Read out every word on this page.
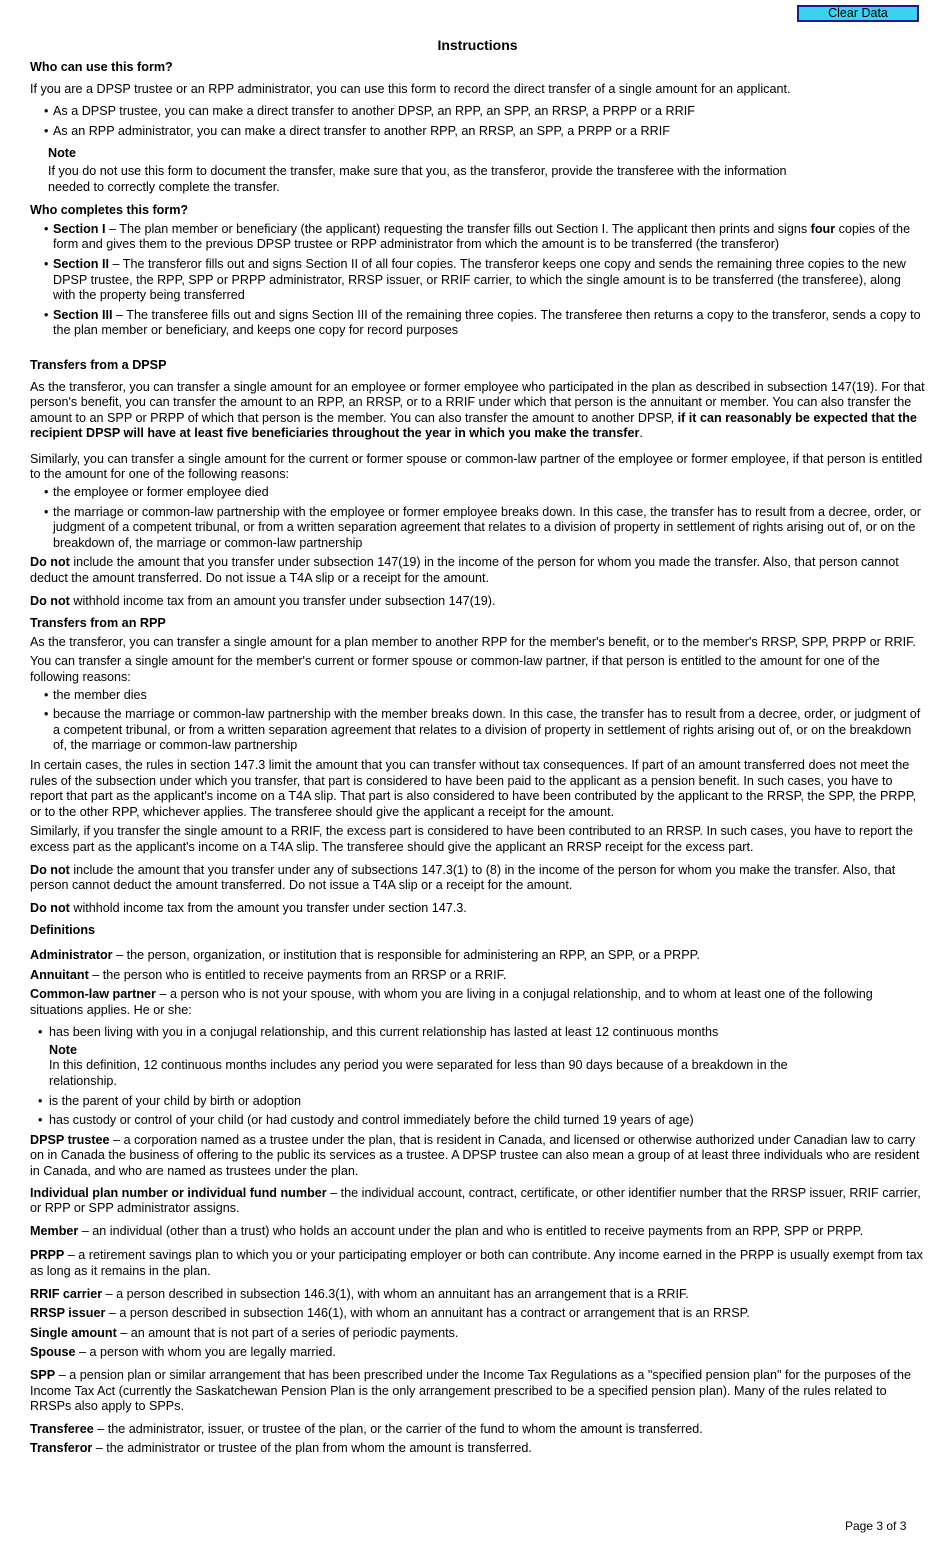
Clear Data
Instructions
Who can use this form?

If you are a DPSP trustee or an RPP administrator, you can use this form to record the direct transfer of a single amount for an applicant.

• As a DPSP trustee, you can make a direct transfer to another DPSP, an RPP, an SPP, an RRSP, a PRPP or a RRIF
• As an RPP administrator, you can make a direct transfer to another RPP, an RRSP, an SPP, a PRPP or a RRIF
Note
If you do not use this form to document the transfer, make sure that you, as the transferor, provide the transferee with the information needed to correctly complete the transfer.
Who completes this form?
• Section I – The plan member or beneficiary (the applicant) requesting the transfer fills out Section I. The applicant then prints and signs four copies of the form and gives them to the previous DPSP trustee or RPP administrator from which the amount is to be transferred (the transferor)
• Section II – The transferor fills out and signs Section II of all four copies. The transferor keeps one copy and sends the remaining three copies to the new DPSP trustee, the RPP, SPP or PRPP administrator, RRSP issuer, or RRIF carrier, to which the single amount is to be transferred (the transferee), along with the property being transferred
• Section III – The transferee fills out and signs Section III of the remaining three copies. The transferee then returns a copy to the transferor, sends a copy to the plan member or beneficiary, and keeps one copy for record purposes
Transfers from a DPSP

As the transferor, you can transfer a single amount for an employee or former employee who participated in the plan as described in subsection 147(19). For that person's benefit, you can transfer the amount to an RPP, an RRSP, or to a RRIF under which that person is the annuitant or member. You can also transfer the amount to an SPP or PRPP of which that person is the member. You can also transfer the amount to another DPSP, if it can reasonably be expected that the recipient DPSP will have at least five beneficiaries throughout the year in which you make the transfer.

Similarly, you can transfer a single amount for the current or former spouse or common-law partner of the employee or former employee, if that person is entitled to the amount for one of the following reasons:

• the employee or former employee died
• the marriage or common-law partnership with the employee or former employee breaks down. In this case, the transfer has to result from a decree, order, or judgment of a competent tribunal, or from a written separation agreement that relates to a division of property in settlement of rights arising out of, or on the breakdown of, the marriage or common-law partnership

Do not include the amount that you transfer under subsection 147(19) in the income of the person for whom you made the transfer. Also, that person cannot deduct the amount transferred. Do not issue a T4A slip or a receipt for the amount.

Do not withhold income tax from an amount you transfer under subsection 147(19).

Transfers from an RPP

As the transferor, you can transfer a single amount for a plan member to another RPP for the member's benefit, or to the member's RRSP, SPP, PRPP or RRIF.

You can transfer a single amount for the member's current or former spouse or common-law partner, if that person is entitled to the amount for one of the following reasons:

• the member dies
• because the marriage or common-law partnership with the member breaks down. In this case, the transfer has to result from a decree, order, or judgment of a competent tribunal, or from a written separation agreement that relates to a division of property in settlement of rights arising out of, or on the breakdown of, the marriage or common-law partnership

In certain cases, the rules in section 147.3 limit the amount that you can transfer without tax consequences. If part of an amount transferred does not meet the rules of the subsection under which you transfer, that part is considered to have been paid to the applicant as a pension benefit. In such cases, you have to report that part as the applicant's income on a T4A slip. That part is also considered to have been contributed by the applicant to the RRSP, the SPP, the PRPP, or to the other RPP, whichever applies. The transferee should give the applicant a receipt for the amount.

Similarly, if you transfer the single amount to a RRIF, the excess part is considered to have been contributed to an RRSP. In such cases, you have to report the excess part as the applicant's income on a T4A slip. The transferee should give the applicant an RRSP receipt for the excess part.

Do not include the amount that you transfer under any of subsections 147.3(1) to (8) in the income of the person for whom you make the transfer. Also, that person cannot deduct the amount transferred. Do not issue a T4A slip or a receipt for the amount.

Do not withhold income tax from the amount you transfer under section 147.3.

Definitions
Administrator – the person, organization, or institution that is responsible for administering an RPP, an SPP, or a PRPP.
Annuitant – the person who is entitled to receive payments from an RRSP or a RRIF.
Common-law partner – a person who is not your spouse, with whom you are living in a conjugal relationship, and to whom at least one of the following situations applies. He or she:
• has been living with you in a conjugal relationship, and this current relationship has lasted at least 12 continuous months
Note
In this definition, 12 continuous months includes any period you were separated for less than 90 days because of a breakdown in the relationship.
• is the parent of your child by birth or adoption
• has custody or control of your child (or had custody and control immediately before the child turned 19 years of age)
DPSP trustee – a corporation named as a trustee under the plan, that is resident in Canada, and licensed or otherwise authorized under Canadian law to carry on in Canada the business of offering to the public its services as a trustee. A DPSP trustee can also mean a group of at least three individuals who are resident in Canada, and who are named as trustees under the plan.
Individual plan number or individual fund number – the individual account, contract, certificate, or other identifier number that the RRSP issuer, RRIF carrier, or RPP or SPP administrator assigns.
Member – an individual (other than a trust) who holds an account under the plan and who is entitled to receive payments from an RPP, SPP or PRPP.
PRPP – a retirement savings plan to which you or your participating employer or both can contribute. Any income earned in the PRPP is usually exempt from tax as long as it remains in the plan.
RRIF carrier – a person described in subsection 146.3(1), with whom an annuitant has an arrangement that is a RRIF.
RRSP issuer – a person described in subsection 146(1), with whom an annuitant has a contract or arrangement that is an RRSP.
Single amount – an amount that is not part of a series of periodic payments.
Spouse – a person with whom you are legally married.
SPP – a pension plan or similar arrangement that has been prescribed under the Income Tax Regulations as a "specified pension plan" for the purposes of the Income Tax Act (currently the Saskatchewan Pension Plan is the only arrangement prescribed to be a specified pension plan). Many of the rules related to RRSPs also apply to SPPs.
Transferee – the administrator, issuer, or trustee of the plan, or the carrier of the fund to whom the amount is transferred.
Transferor – the administrator or trustee of the plan from whom the amount is transferred.
Page 3 of 3
